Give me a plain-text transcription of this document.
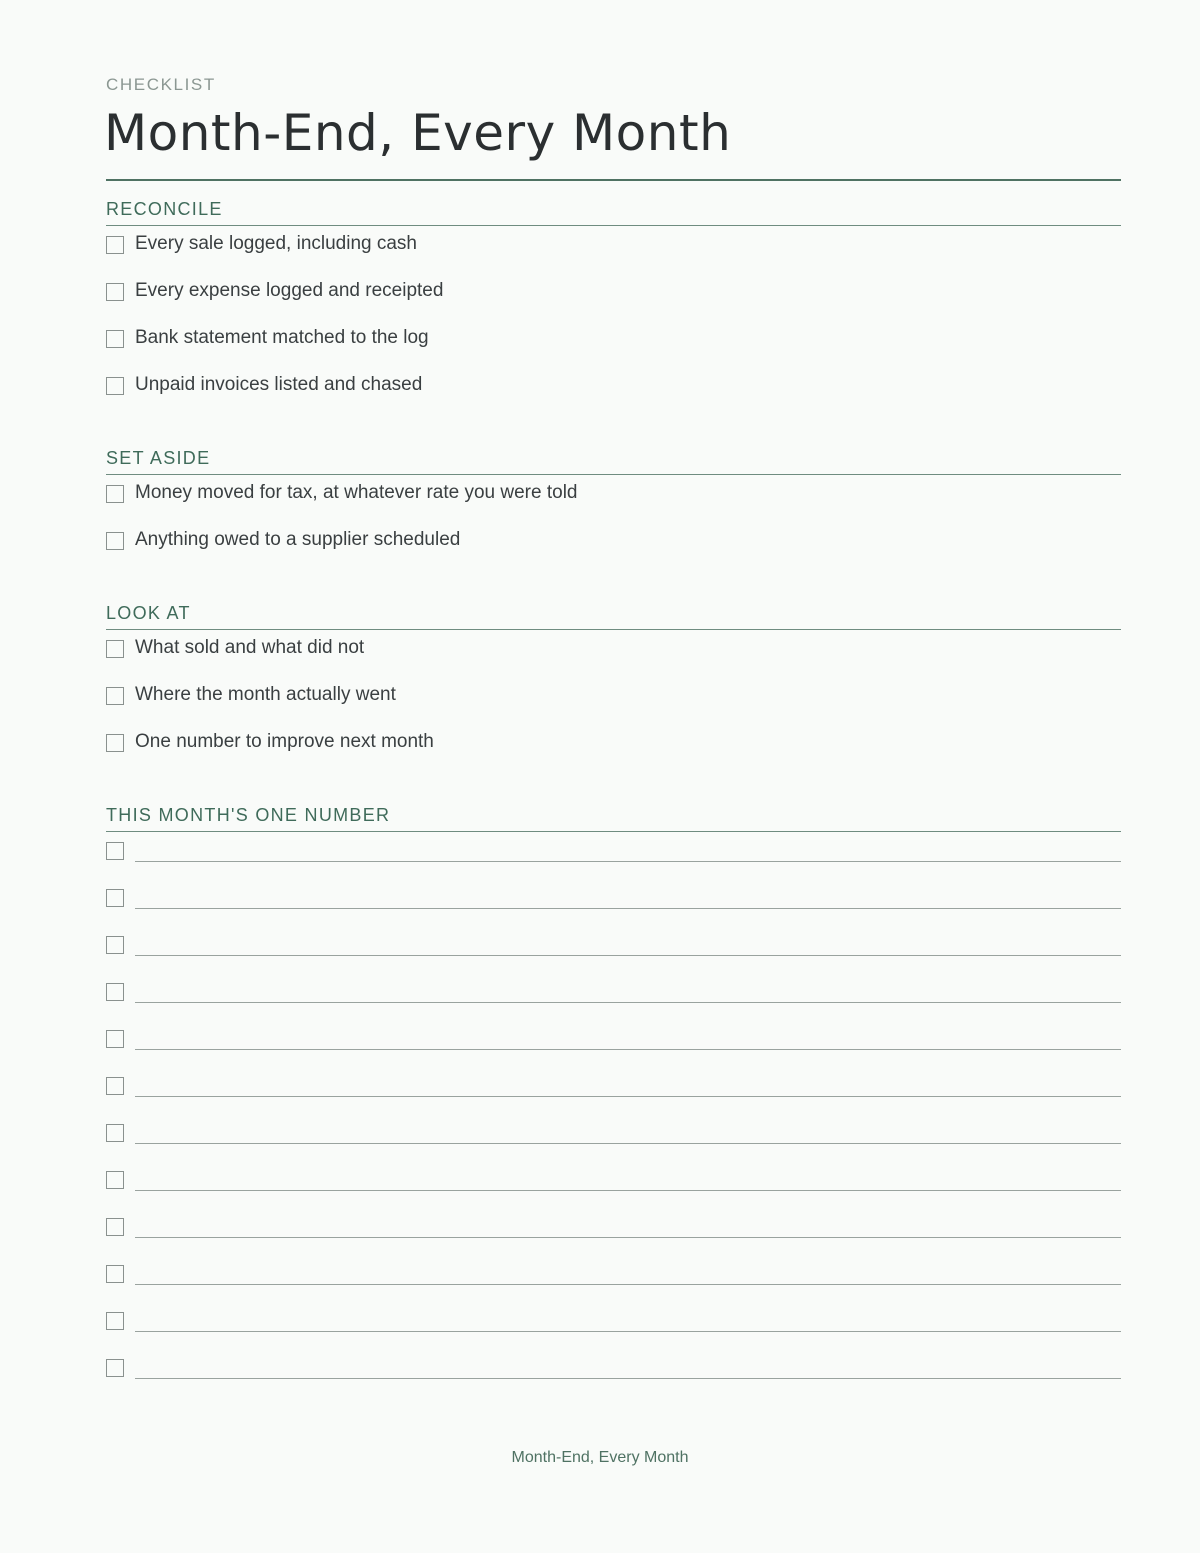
CHECKLIST
Month-End, Every Month
RECONCILE
Every sale logged, including cash
Every expense logged and receipted
Bank statement matched to the log
Unpaid invoices listed and chased
SET ASIDE
Money moved for tax, at whatever rate you were told
Anything owed to a supplier scheduled
LOOK AT
What sold and what did not
Where the month actually went
One number to improve next month
THIS MONTH'S ONE NUMBER
Month-End, Every Month
